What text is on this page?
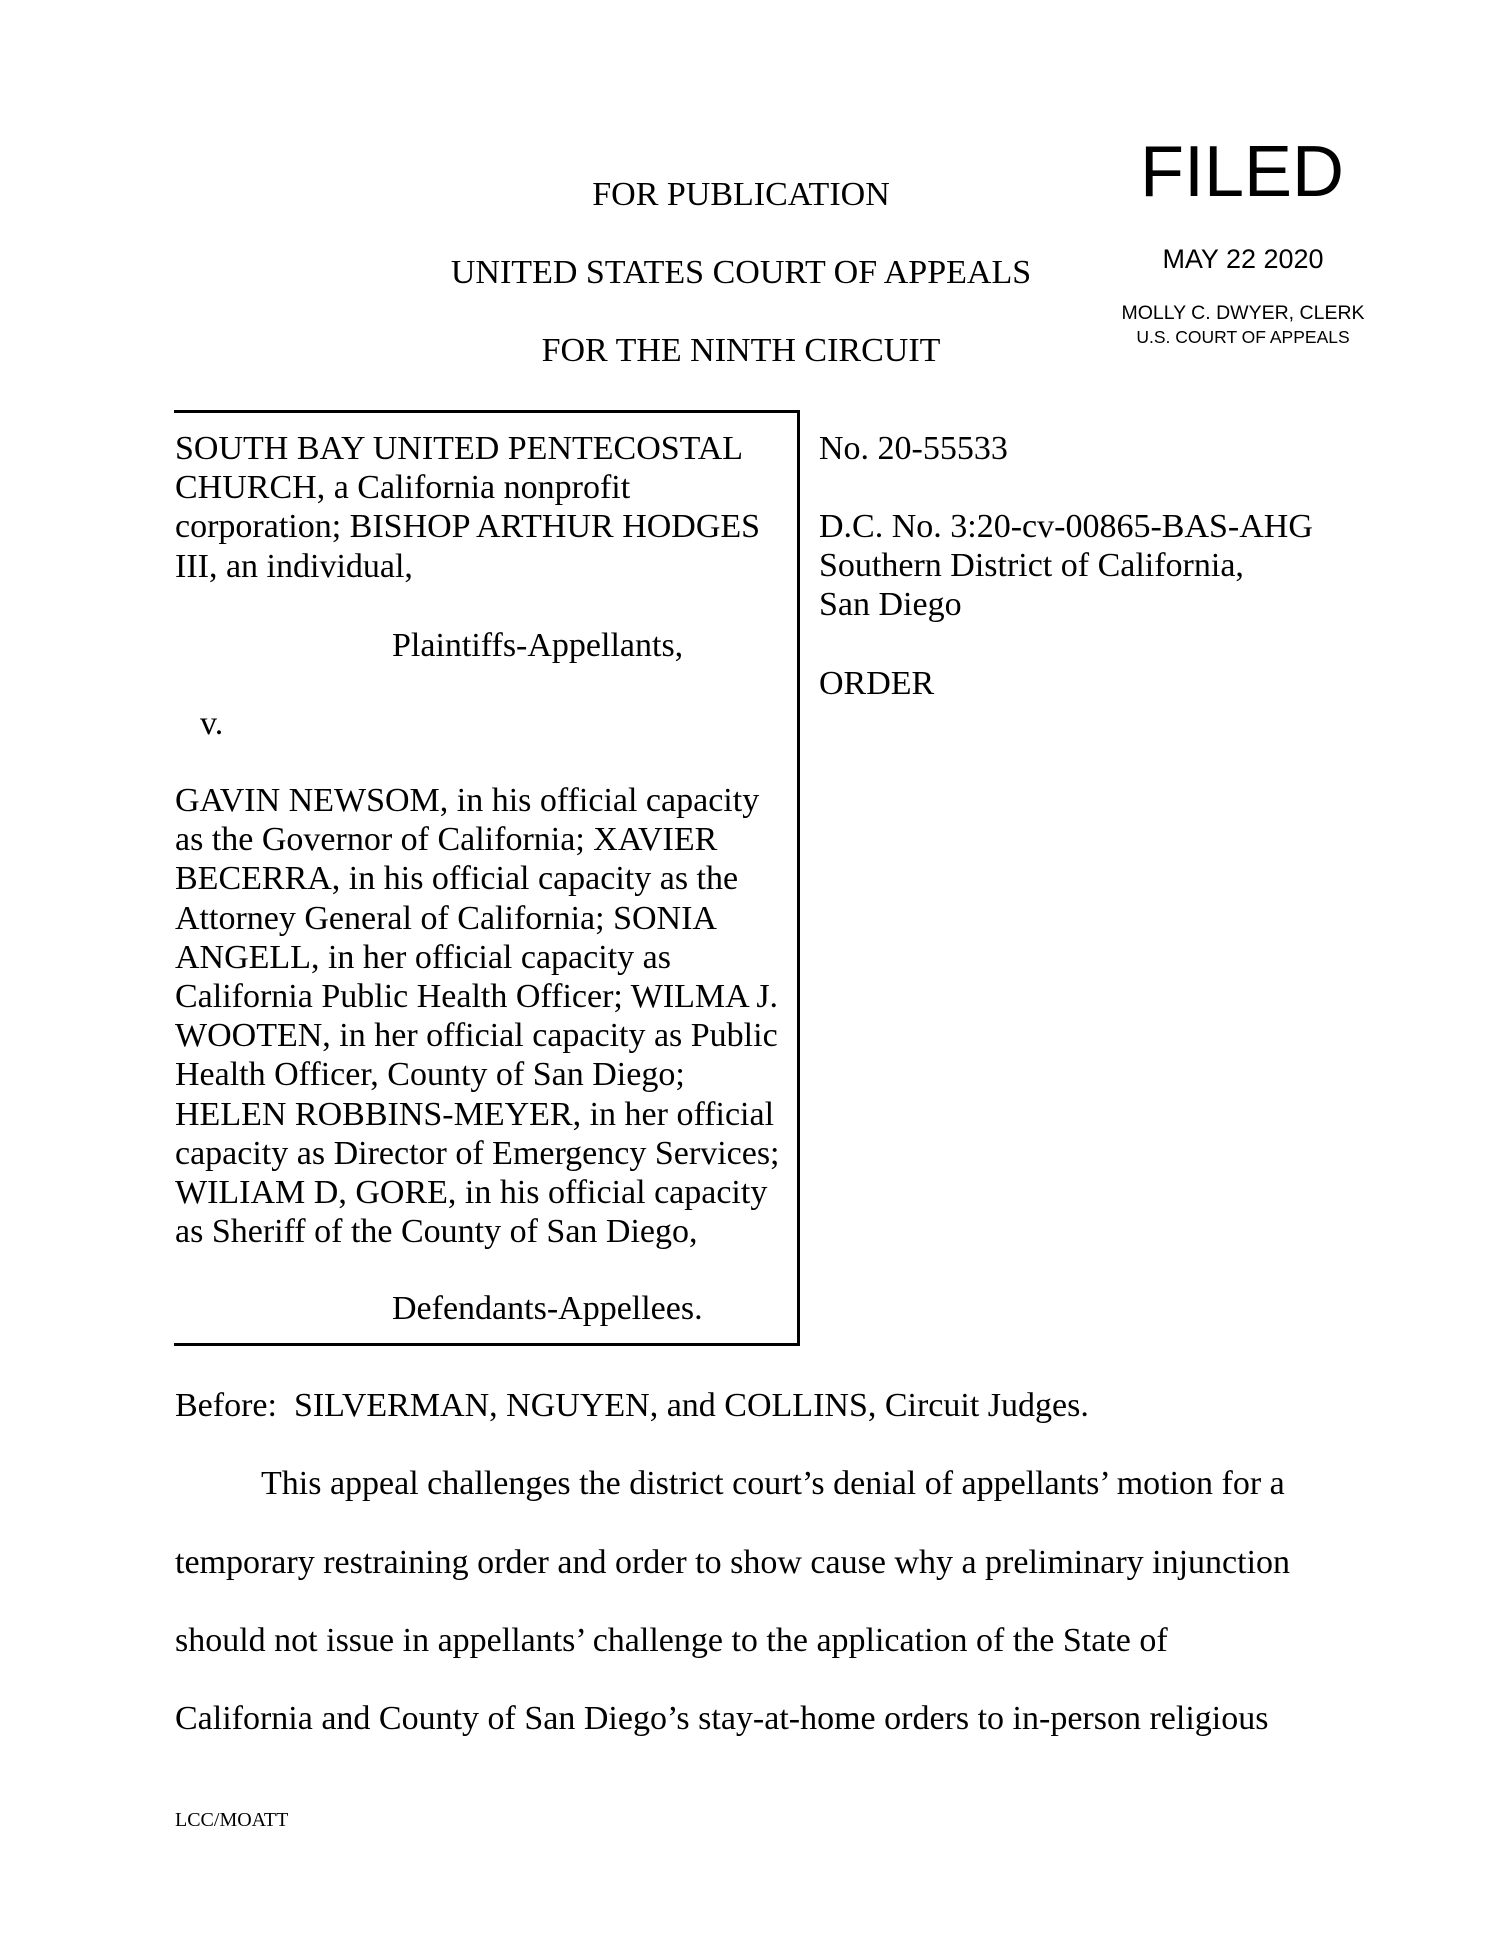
FOR PUBLICATION
UNITED STATES COURT OF APPEALS
FOR THE NINTH CIRCUIT
FILED
MAY 22 2020
MOLLY C. DWYER, CLERK
U.S. COURT OF APPEALS
SOUTH BAY UNITED PENTECOSTAL
CHURCH, a California nonprofit
corporation; BISHOP ARTHUR HODGES
III, an individual,
Plaintiffs-Appellants,
v.
GAVIN NEWSOM, in his official capacity
as the Governor of California; XAVIER
BECERRA, in his official capacity as the
Attorney General of California; SONIA
ANGELL, in her official capacity as
California Public Health Officer; WILMA J.
WOOTEN, in her official capacity as Public
Health Officer, County of San Diego;
HELEN ROBBINS-MEYER, in her official
capacity as Director of Emergency Services;
WILIAM D, GORE, in his official capacity
as Sheriff of the County of San Diego,
Defendants-Appellees.
No. 20-55533
D.C. No. 3:20-cv-00865-BAS-AHG
Southern District of California,
San Diego
ORDER
Before:  SILVERMAN, NGUYEN, and COLLINS, Circuit Judges.
This appeal challenges the district court’s denial of appellants’ motion for a
temporary restraining order and order to show cause why a preliminary injunction
should not issue in appellants’ challenge to the application of the State of
California and County of San Diego’s stay-at-home orders to in-person religious
LCC/MOATT
